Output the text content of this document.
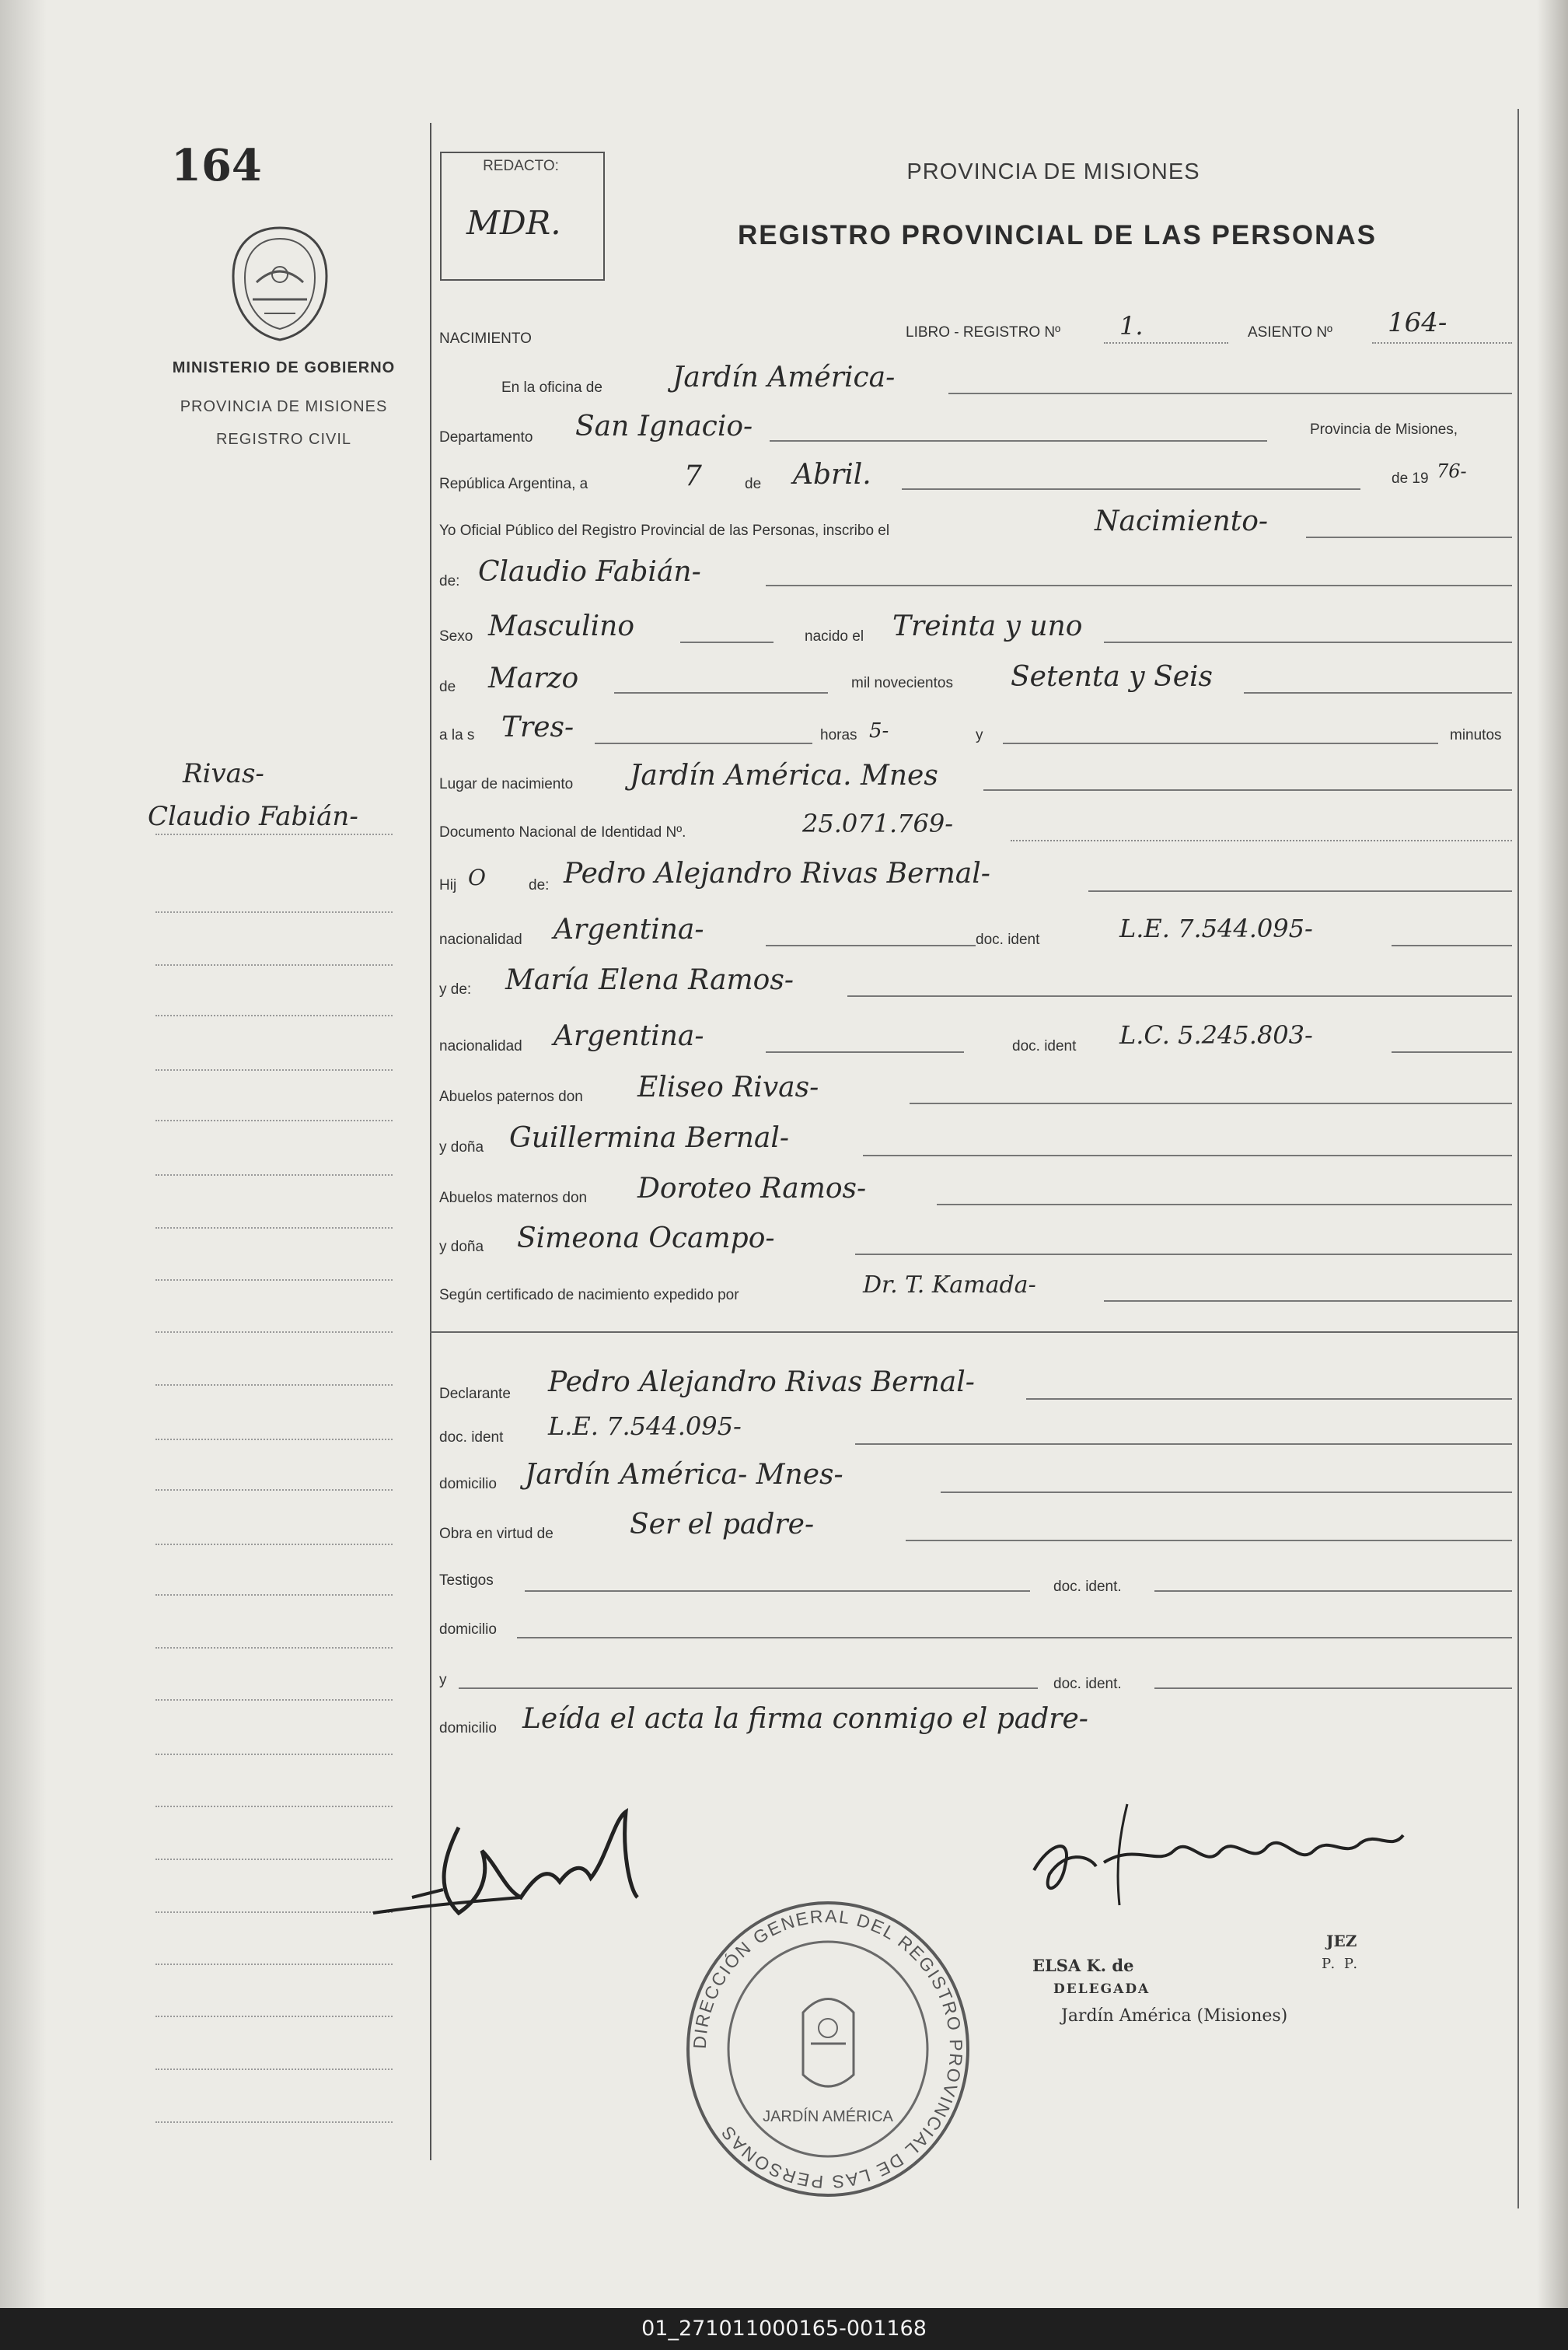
164
MINISTERIO DE GOBIERNO
PROVINCIA DE MISIONES
REGISTRO CIVIL
Rivas-
Claudio Fabián-
REDACTO:
MDR.
PROVINCIA DE MISIONES
REGISTRO PROVINCIAL DE LAS PERSONAS
NACIMIENTO	LIBRO - REGISTRO Nº 1.	ASIENTO Nº 164-
En la oficina de	Jardín América-
Departamento San Ignacio-	Provincia de Misiones,
República Argentina, a	7	de Abril.	de 19 76-
Yo Oficial Público del Registro Provincial de las Personas, inscribo el	Nacimiento-
de: Claudio Fabián-
Sexo Masculino	nacido el Treinta y uno
de Marzo	mil novecientos Setenta y Seis
a la s Tres-	horas 5-	y	minutos
Lugar de nacimiento Jardín América. Mnes
Documento Nacional de Identidad Nº.	25.071.769-
Hij O	de: Pedro Alejandro Rivas Bernal-
nacionalidad Argentina-	doc. ident	L.E. 7.544.095-
y de: María Elena Ramos-
nacionalidad Argentina-	doc. ident L.C. 5.245.803-
Abuelos paternos don Eliseo Rivas-
y doña Guillermina Bernal-
Abuelos maternos don Doroteo Ramos-
y doña Simeona Ocampo-
Según certificado de nacimiento expedido por	Dr. T. Kamada-
Declarante Pedro Alejandro Rivas Bernal-
doc. ident L.E. 7.544.095-
domicilio Jardín América- Mnes-
Obra en virtud de	Ser el padre-
Testigos	doc. ident.
domicilio
y	doc. ident.
domicilio Leída el acta la firma conmigo el padre-
DIRECCIÓN GENERAL DEL REGISTRO PROVINCIAL DE LAS PERSONAS
JARDÍN AMÉRICA
ELSA K. de
JEZ
P. P.
DELEGADA
Jardín América (Misiones)
01_271011000165-001168
